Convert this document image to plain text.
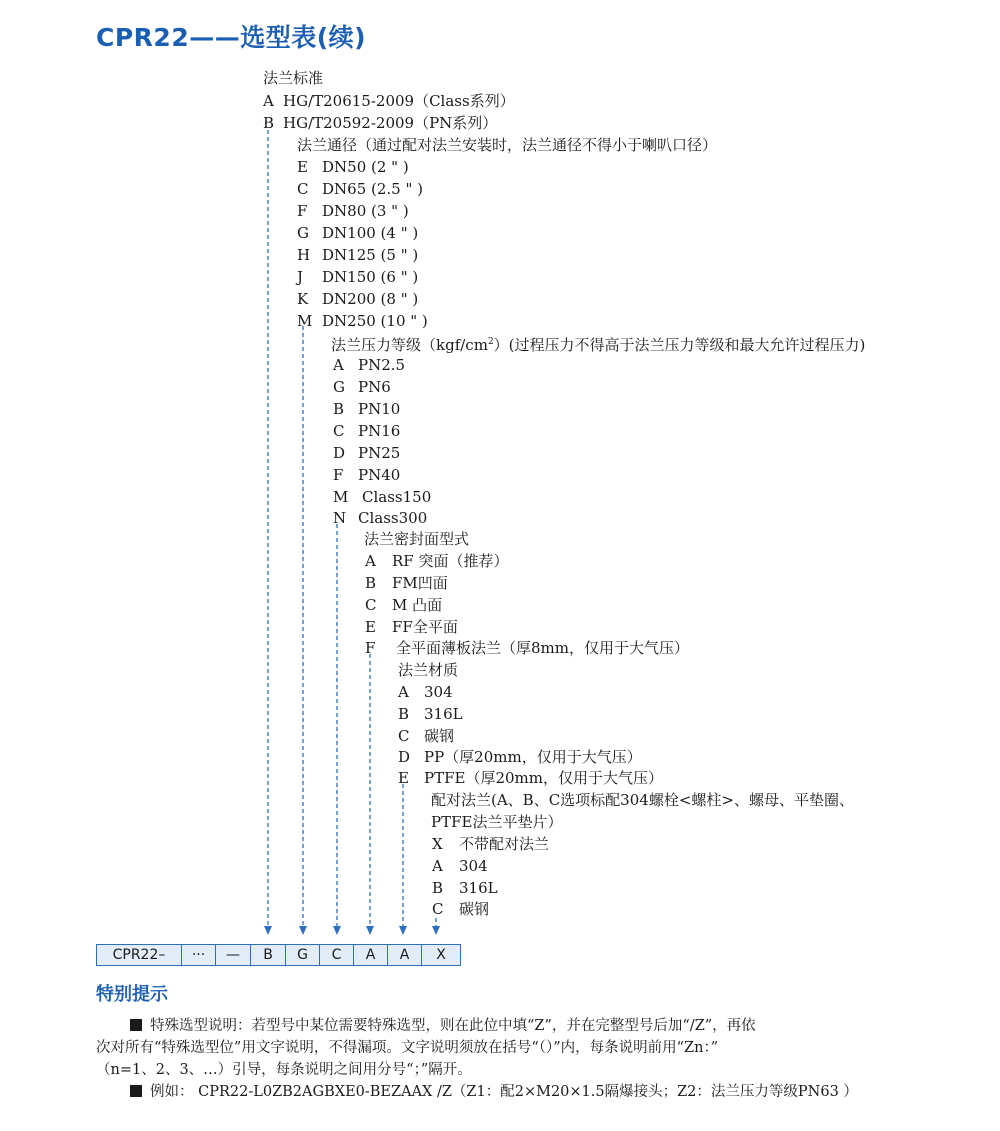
CPR22——选型表(续)
法兰标准
A HG/T20615-2009（Class系列）
B HG/T20592-2009（PN系列）
法兰通径（通过配对法兰安装时，法兰通径不得小于喇叭口径）
E DN50 (2 " )
C DN65 (2.5 " )
F DN80 (3 " )
G DN100 (4 " )
H DN125 (5 " )
J DN150 (6 " )
K DN200 (8 " )
M DN250 (10 " )
法兰压力等级$(kgf/cm^2)$(过程压力不得高于法兰压力等级和最大允许过程压力)
A PN2.5
G PN6
B PN10
C PN16
D PN25
F PN40
M Class150
N Class300
法兰密封面型式
A RF 突面（推荐）
B FM凹面
C M 凸面
E FF全平面
F 全平面薄板法兰（厚8mm，仅用于大气压）
法兰材质
A 304
B 316L
C 碳钢
D PP（厚20mm，仅用于大气压）
E PTFE（厚20mm，仅用于大气压）
配对法兰(A、B、C选项标配304螺栓<螺柱>、螺母、平垫圈、
PTFE法兰平垫片）
X 不带配对法兰
A 304
B 316L
C 碳钢
CPR22–	···	—	B	G	C	A	A	X
特别提示
特殊选型说明：若型号中某位需要特殊选型，则在此位中填“Z”，并在完整型号后加“/Z”，再依
次对所有“特殊选型位”用文字说明，不得漏项。文字说明须放在括号“（）”内，每条说明前用“Zn：”
（n=1、2、3、…）引导，每条说明之间用分号“；”隔开。
例如： CPR22-L0ZB2AGBXE0-BEZAAX /Z（Z1：配2×M20×1.5隔爆接头；Z2：法兰压力等级PN63 ）
